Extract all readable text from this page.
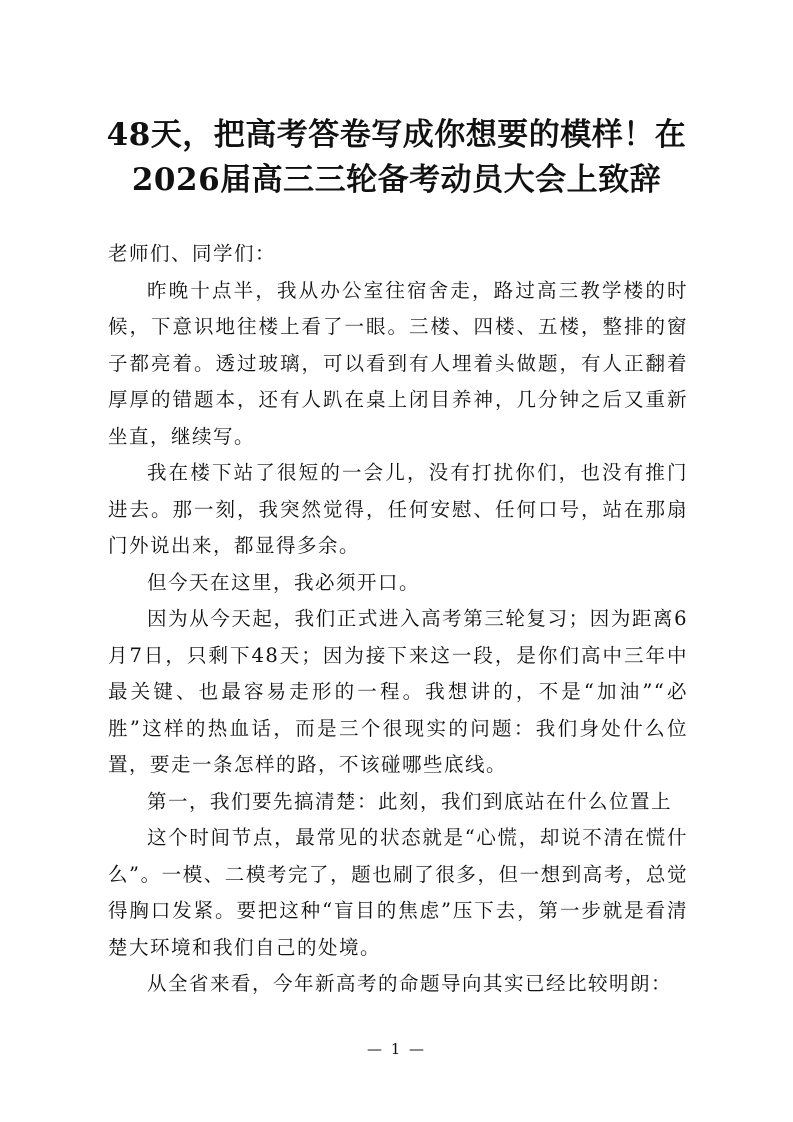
48天，把高考答卷写成你想要的模样！在
2026届高三三轮备考动员大会上致辞

老师们、同学们：

昨晚十点半，我从办公室往宿舍走，路过高三教学楼的时候，下意识地往楼上看了一眼。三楼、四楼、五楼，整排的窗子都亮着。透过玻璃，可以看到有人埋着头做题，有人正翻着厚厚的错题本，还有人趴在桌上闭目养神，几分钟之后又重新坐直，继续写。

我在楼下站了很短的一会儿，没有打扰你们，也没有推门进去。那一刻，我突然觉得，任何安慰、任何口号，站在那扇门外说出来，都显得多余。

但今天在这里，我必须开口。

因为从今天起，我们正式进入高考第三轮复习；因为距离6月7日，只剩下48天；因为接下来这一段，是你们高中三年中最关键、也最容易走形的一程。我想讲的，不是“加油”“必胜”这样的热血话，而是三个很现实的问题：我们身处什么位置，要走一条怎样的路，不该碰哪些底线。

第一，我们要先搞清楚：此刻，我们到底站在什么位置上

这个时间节点，最常见的状态就是“心慌，却说不清在慌什么”。一模、二模考完了，题也刷了很多，但一想到高考，总觉得胸口发紧。要把这种“盲目的焦虑”压下去，第一步就是看清楚大环境和我们自己的处境。

从全省来看，今年新高考的命题导向其实已经比较明朗：

— 1 —
